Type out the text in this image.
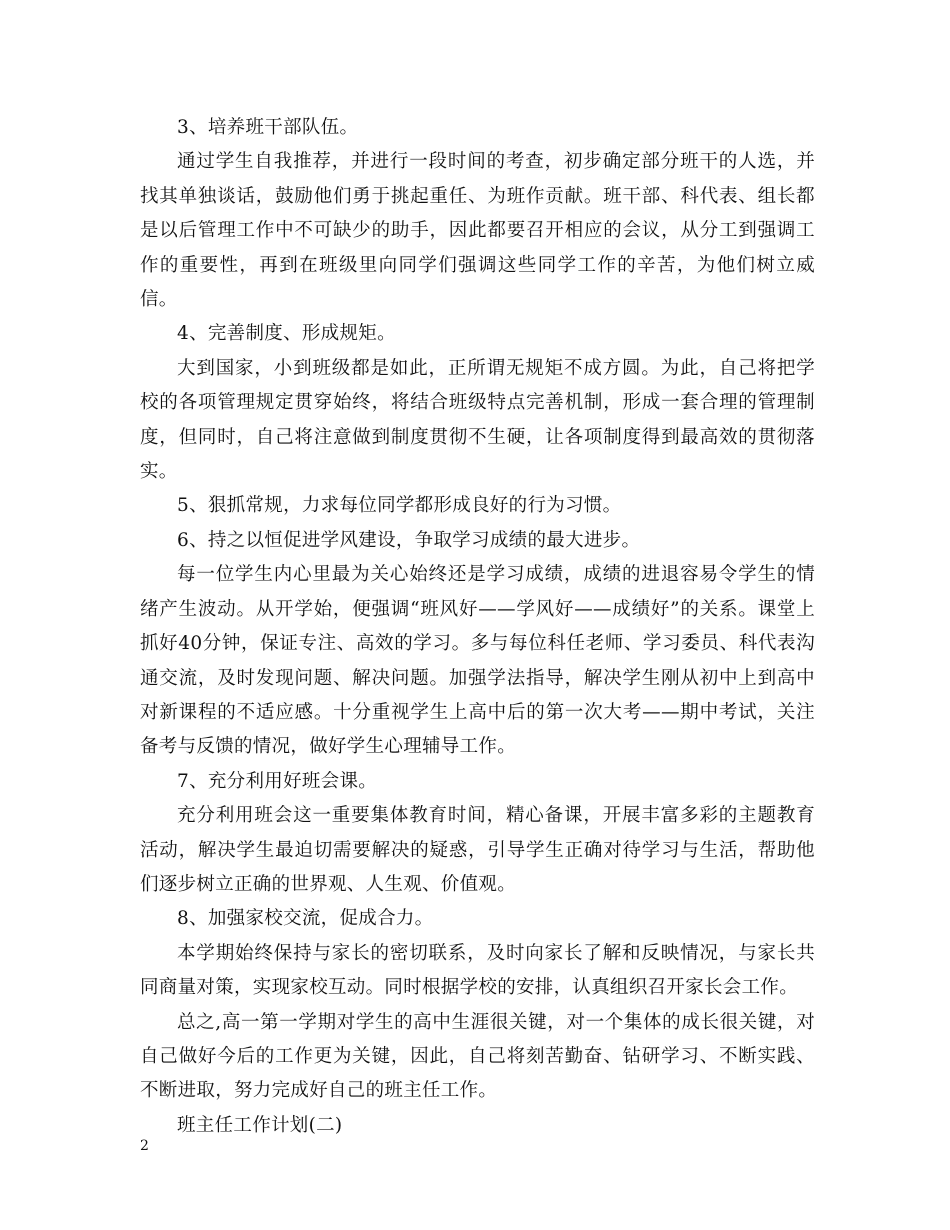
3、培养班干部队伍。

通过学生自我推荐，并进行一段时间的考查，初步确定部分班干的人选，并找其单独谈话，鼓励他们勇于挑起重任、为班作贡献。班干部、科代表、组长都是以后管理工作中不可缺少的助手，因此都要召开相应的会议，从分工到强调工作的重要性，再到在班级里向同学们强调这些同学工作的辛苦，为他们树立威信。

4、完善制度、形成规矩。

大到国家，小到班级都是如此，正所谓无规矩不成方圆。为此，自己将把学校的各项管理规定贯穿始终，将结合班级特点完善机制，形成一套合理的管理制度，但同时，自己将注意做到制度贯彻不生硬，让各项制度得到最高效的贯彻落实。

5、狠抓常规，力求每位同学都形成良好的行为习惯。

6、持之以恒促进学风建设，争取学习成绩的最大进步。

每一位学生内心里最为关心始终还是学习成绩，成绩的进退容易令学生的情绪产生波动。从开学始，便强调“班风好——学风好——成绩好”的关系。课堂上抓好40分钟，保证专注、高效的学习。多与每位科任老师、学习委员、科代表沟通交流，及时发现问题、解决问题。加强学法指导，解决学生刚从初中上到高中对新课程的不适应感。十分重视学生上高中后的第一次大考——期中考试，关注备考与反馈的情况，做好学生心理辅导工作。

7、充分利用好班会课。

充分利用班会这一重要集体教育时间，精心备课，开展丰富多彩的主题教育活动，解决学生最迫切需要解决的疑惑，引导学生正确对待学习与生活，帮助他们逐步树立正确的世界观、人生观、价值观。

8、加强家校交流，促成合力。

本学期始终保持与家长的密切联系，及时向家长了解和反映情况，与家长共同商量对策，实现家校互动。同时根据学校的安排，认真组织召开家长会工作。

总之,高一第一学期对学生的高中生涯很关键，对一个集体的成长很关键，对自己做好今后的工作更为关键，因此，自己将刻苦勤奋、钻研学习、不断实践、不断进取，努力完成好自己的班主任工作。

班主任工作计划(二)

2
